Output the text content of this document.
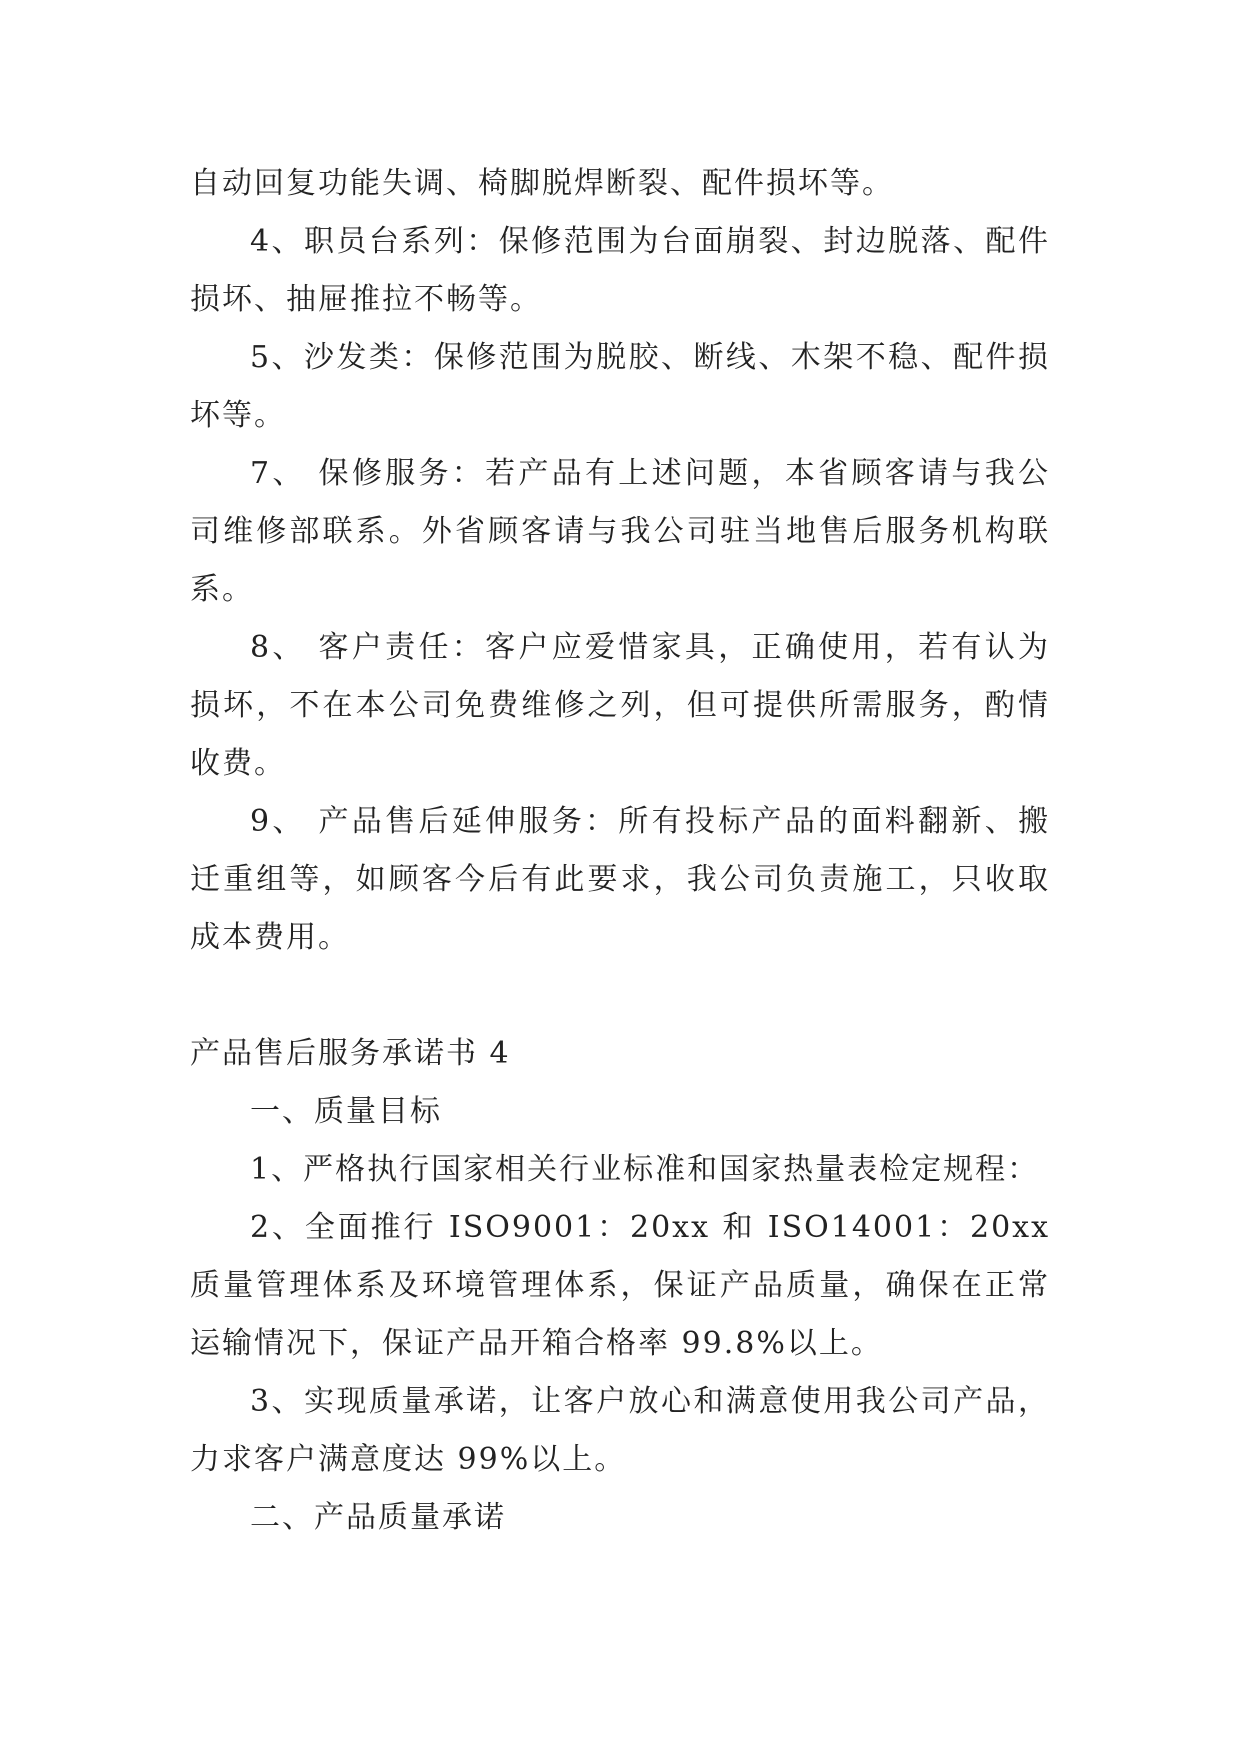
自动回复功能失调、椅脚脱焊断裂、配件损坏等。

4、职员台系列：保修范围为台面崩裂、封边脱落、配件损坏、抽屉推拉不畅等。

5、沙发类：保修范围为脱胶、断线、木架不稳、配件损坏等。

7、 保修服务：若产品有上述问题，本省顾客请与我公司维修部联系。外省顾客请与我公司驻当地售后服务机构联系。

8、 客户责任：客户应爱惜家具，正确使用，若有认为损坏，不在本公司免费维修之列，但可提供所需服务，酌情收费。

9、 产品售后延伸服务：所有投标产品的面料翻新、搬迁重组等，如顾客今后有此要求，我公司负责施工，只收取成本费用。

产品售后服务承诺书 4

一、质量目标

1、严格执行国家相关行业标准和国家热量表检定规程：

2、全面推行 ISO9001：20xx 和 ISO14001：20xx 质量管理体系及环境管理体系，保证产品质量，确保在正常运输情况下，保证产品开箱合格率 99.8%以上。

3、实现质量承诺，让客户放心和满意使用我公司产品，力求客户满意度达 99%以上。

二、产品质量承诺
